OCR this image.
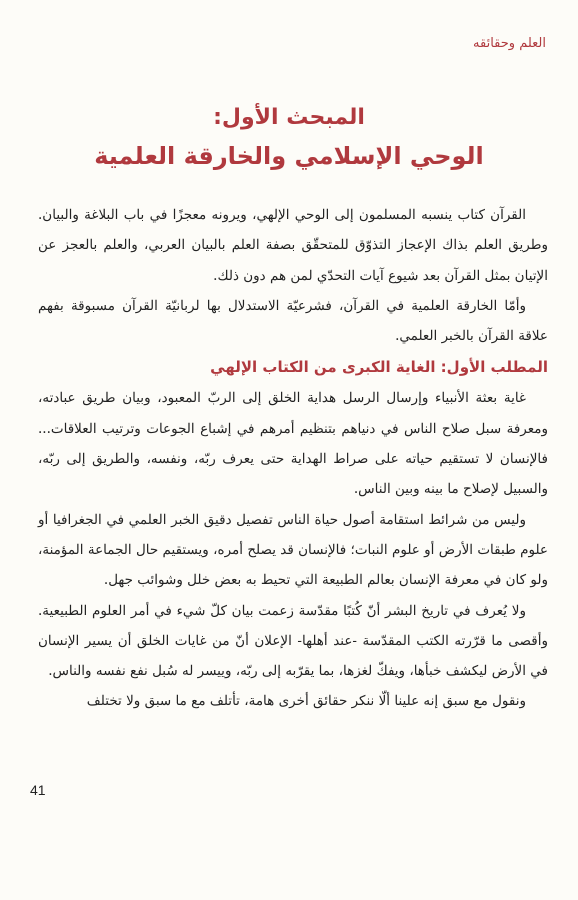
العلم وحقائقه
المبحث الأول:
الوحي الإسلامي والخارقة العلمية

القرآن كتاب ينسبه المسلمون إلى الوحي الإلهي، ويرونه معجزًا في باب البلاغة والبيان. وطريق العلم بذاك الإعجاز التذوّق للمتحقّق بصفة العلم بالبيان العربي، والعلم بالعجز عن الإتيان بمثل القرآن بعد شيوع آيات التحدّي لمن هم دون ذلك.

وأمّا الخارقة العلمية في القرآن، فشرعيّة الاستدلال بها لربانيّة القرآن مسبوقة بفهم علاقة القرآن بالخبر العلمي.

المطلب الأول: الغاية الكبرى من الكتاب الإلهي

غاية بعثة الأنبياء وإرسال الرسل هداية الخلق إلى الربّ المعبود، وبيان طريق عبادته، ومعرفة سبل صلاح الناس في دنياهم بتنظيم أمرهم في إشباع الجوعات وترتيب العلاقات... فالإنسان لا تستقيم حياته على صراط الهداية حتى يعرف ربّه، ونفسه، والطريق إلى ربّه، والسبيل لإصلاح ما بينه وبين الناس.

وليس من شرائط استقامة أصول حياة الناس تفصيل دقيق الخبر العلمي في الجغرافيا أو علوم طبقات الأرض أو علوم النبات؛ فالإنسان قد يصلح أمره، ويستقيم حال الجماعة المؤمنة، ولو كان في معرفة الإنسان بعالم الطبيعة التي تحيط به بعض خلل وشوائب جهل.

ولا يُعرف في تاريخ البشر أنّ كُتبًا مقدّسة زعمت بيان كلّ شيء في أمر العلوم الطبيعية. وأقصى ما قرّرته الكتب المقدّسة -عند أهلها- الإعلان أنّ من غايات الخلق أن يسير الإنسان في الأرض ليكشف خبأها، ويفكّ لغزها، بما يقرّبه إلى ربّه، وييسر له سُبل نفع نفسه والناس.

ونقول مع سبق إنه علينا ألّا ننكر حقائق أخرى هامة، تأتلف مع ما سبق ولا تختلف

41
